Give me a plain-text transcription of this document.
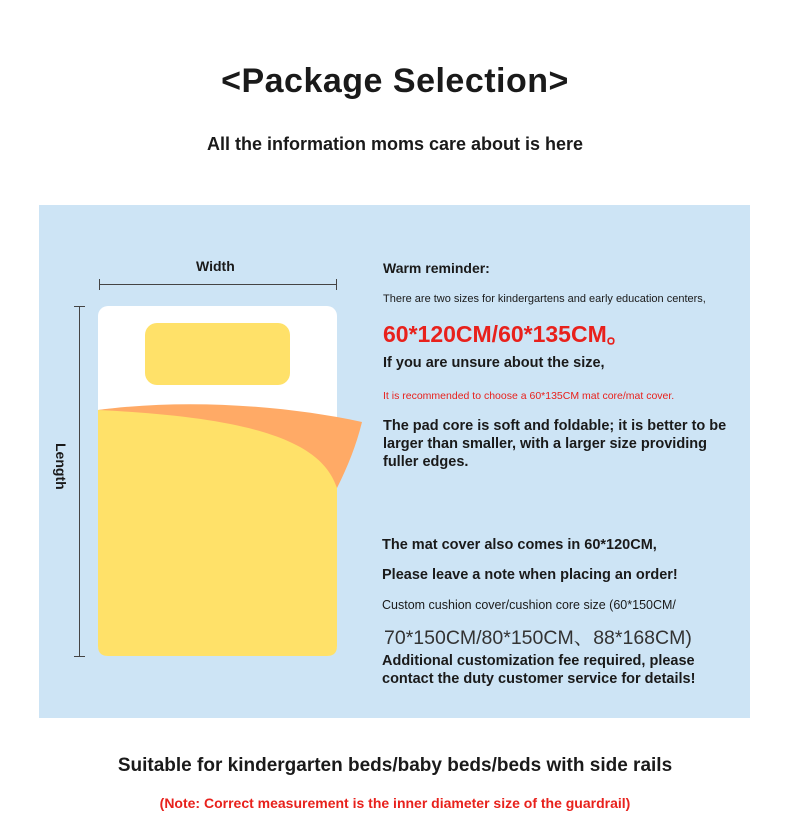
<Package Selection>
All the information moms care about is here
Width
Length
Warm reminder:
There are two sizes for kindergartens and early education centers,
60*120CM/60*135CM。
If you are unsure about the size,
It is recommended to choose a 60*135CM mat core/mat cover.
The pad core is soft and foldable; it is better to be larger than smaller, with a larger size providing fuller edges.
The mat cover also comes in 60*120CM,
Please leave a note when placing an order!
Custom cushion cover/cushion core size (60*150CM/
70*150CM/80*150CM、88*168CM)
Additional customization fee required, please contact the duty customer service for details!
Suitable for kindergarten beds/baby beds/beds with side rails
(Note: Correct measurement is the inner diameter size of the guardrail)
